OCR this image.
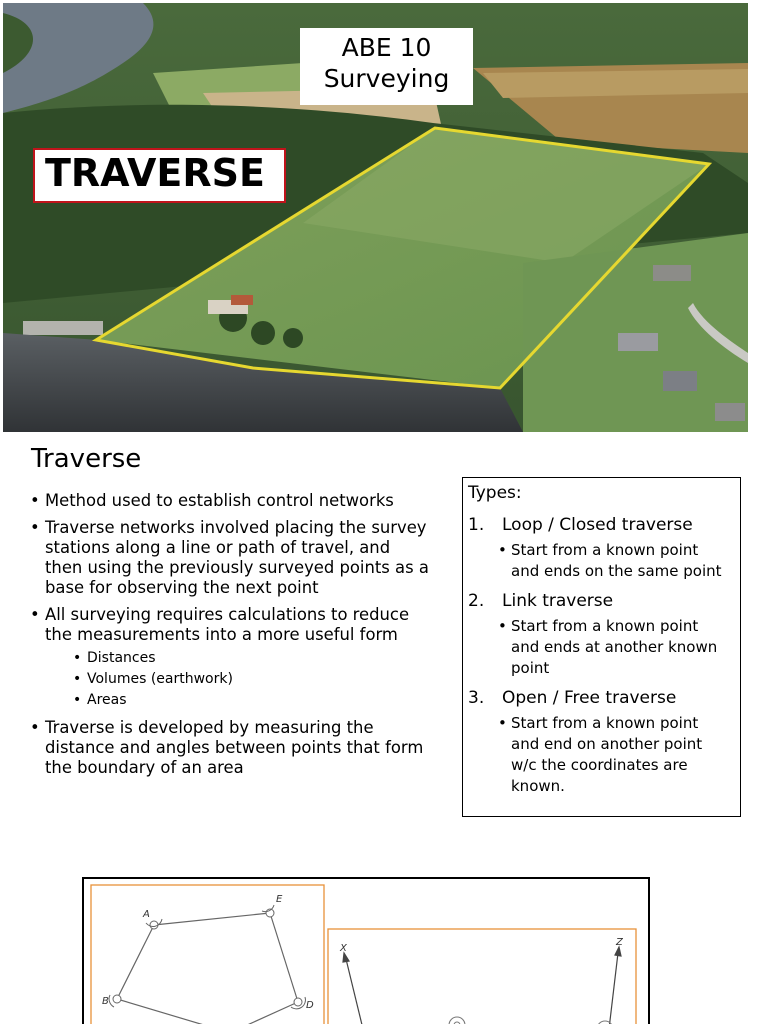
ABE 10
Surveying
TRAVERSE
Traverse
• Method used to establish control networks
• Traverse networks involved placing the survey stations along a line or path of travel, and then using the previously surveyed points as a base for observing the next point
• All surveying requires calculations to reduce the measurements into a more useful form
• Distances
• Volumes (earthwork)
• Areas
• Traverse is developed by measuring the distance and angles between points that form the boundary of an area
Types:
1.	Loop / Closed traverse
• Start from a known point and ends on the same point
2.	Link traverse
• Start from a known point and ends at another known point
3.	Open / Free traverse
• Start from a known point and end on another point w/c the coordinates are known.
A
E
B	D
X
Z
